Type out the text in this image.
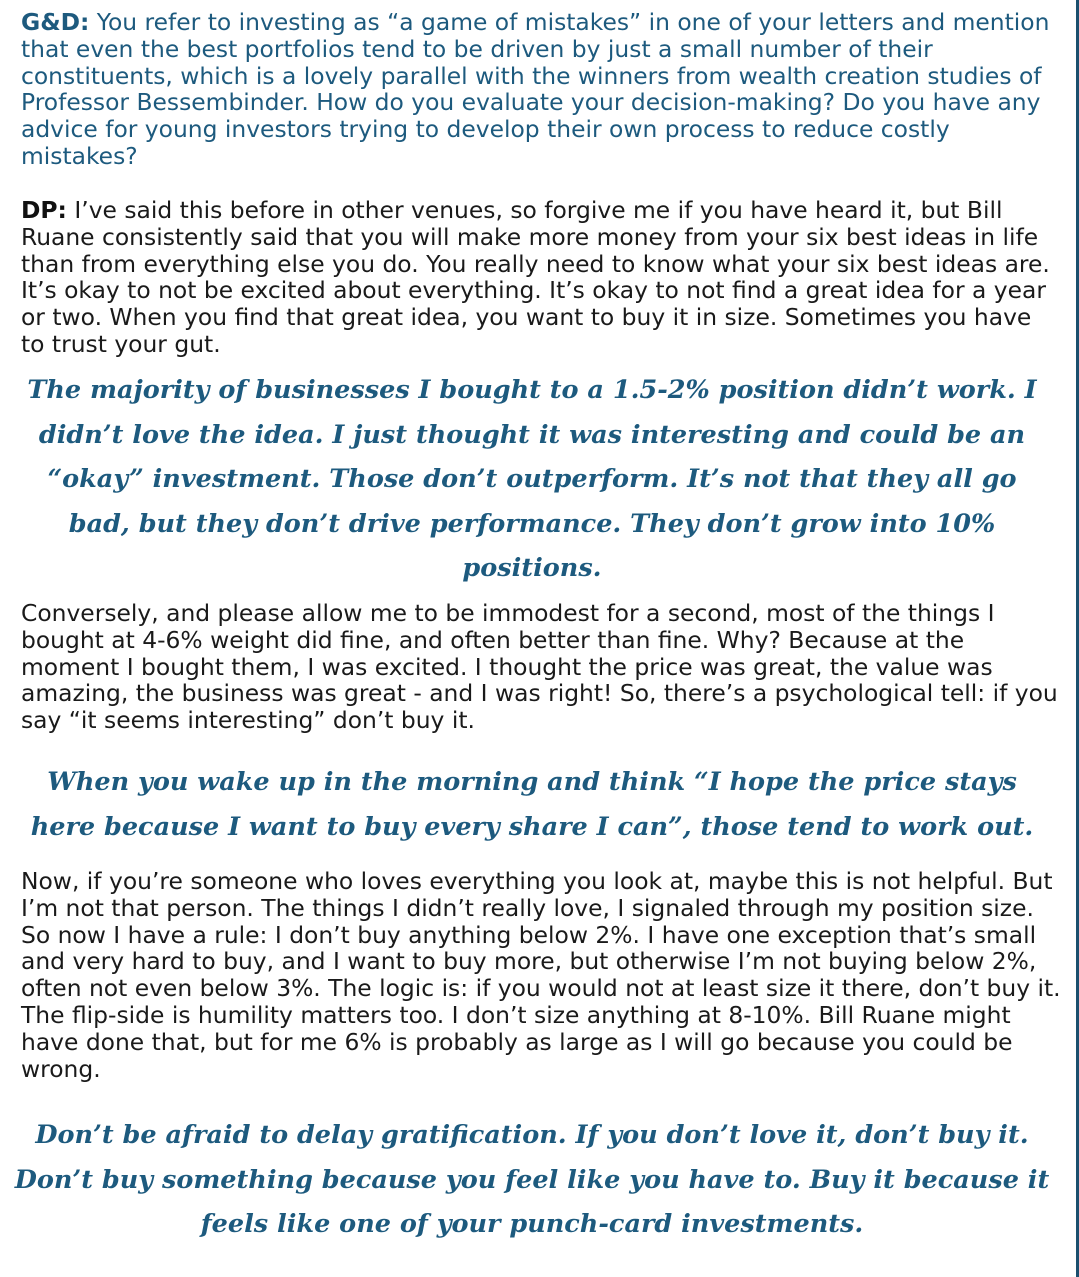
G&D: You refer to investing as “a game of mistakes” in one of your letters and mention that even the best portfolios tend to be driven by just a small number of their constituents, which is a lovely parallel with the winners from wealth creation studies of Professor Bessembinder. How do you evaluate your decision-making? Do you have any advice for young investors trying to develop their own process to reduce costly mistakes?

DP: I’ve said this before in other venues, so forgive me if you have heard it, but Bill Ruane consistently said that you will make more money from your six best ideas in life than from everything else you do. You really need to know what your six best ideas are. It’s okay to not be excited about everything. It’s okay to not find a great idea for a year or two. When you find that great idea, you want to buy it in size. Sometimes you have to trust your gut.

The majority of businesses I bought to a 1.5-2% position didn’t work. I didn’t love the idea. I just thought it was interesting and could be an “okay” investment. Those don’t outperform. It’s not that they all go bad, but they don’t drive performance. They don’t grow into 10% positions.

Conversely, and please allow me to be immodest for a second, most of the things I bought at 4-6% weight did fine, and often better than fine. Why? Because at the moment I bought them, I was excited. I thought the price was great, the value was amazing, the business was great - and I was right! So, there’s a psychological tell: if you say “it seems interesting” don’t buy it.

When you wake up in the morning and think “I hope the price stays here because I want to buy every share I can”, those tend to work out.

Now, if you’re someone who loves everything you look at, maybe this is not helpful. But I’m not that person. The things I didn’t really love, I signaled through my position size. So now I have a rule: I don’t buy anything below 2%. I have one exception that’s small and very hard to buy, and I want to buy more, but otherwise I’m not buying below 2%, often not even below 3%. The logic is: if you would not at least size it there, don’t buy it. The flip-side is humility matters too. I don’t size anything at 8-10%. Bill Ruane might have done that, but for me 6% is probably as large as I will go because you could be wrong.

Don’t be afraid to delay gratification. If you don’t love it, don’t buy it. Don’t buy something because you feel like you have to. Buy it because it feels like one of your punch-card investments.
